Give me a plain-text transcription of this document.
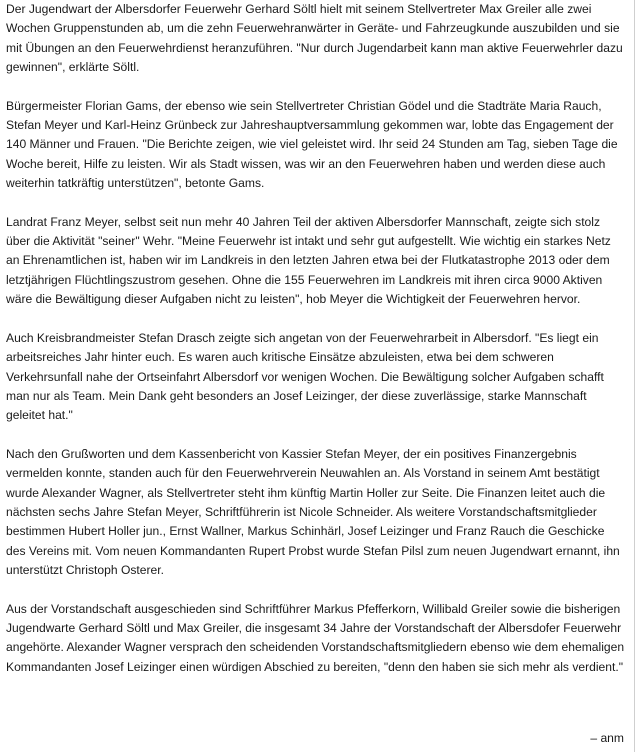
Der Jugendwart der Albersdorfer Feuerwehr Gerhard Söltl hielt mit seinem Stellvertreter Max Greiler alle zwei Wochen Gruppenstunden ab, um die zehn Feuerwehranwärter in Geräte- und Fahrzeugkunde auszubilden und sie mit Übungen an den Feuerwehrdienst heranzuführen. "Nur durch Jugendarbeit kann man aktive Feuerwehrler dazu gewinnen", erklärte Söltl.

Bürgermeister Florian Gams, der ebenso wie sein Stellvertreter Christian Gödel und die Stadträte Maria Rauch, Stefan Meyer und Karl-Heinz Grünbeck zur Jahreshauptversammlung gekommen war, lobte das Engagement der 140 Männer und Frauen. "Die Berichte zeigen, wie viel geleistet wird. Ihr seid 24 Stunden am Tag, sieben Tage die Woche bereit, Hilfe zu leisten. Wir als Stadt wissen, was wir an den Feuerwehren haben und werden diese auch weiterhin tatkräftig unterstützen", betonte Gams.

Landrat Franz Meyer, selbst seit nun mehr 40 Jahren Teil der aktiven Albersdorfer Mannschaft, zeigte sich stolz über die Aktivität "seiner" Wehr. "Meine Feuerwehr ist intakt und sehr gut aufgestellt. Wie wichtig ein starkes Netz an Ehrenamtlichen ist, haben wir im Landkreis in den letzten Jahren etwa bei der Flutkatastrophe 2013 oder dem letztjährigen Flüchtlingszustrom gesehen. Ohne die 155 Feuerwehren im Landkreis mit ihren circa 9000 Aktiven wäre die Bewältigung dieser Aufgaben nicht zu leisten", hob Meyer die Wichtigkeit der Feuerwehren hervor.

Auch Kreisbrandmeister Stefan Drasch zeigte sich angetan von der Feuerwehrarbeit in Albersdorf. "Es liegt ein arbeitsreiches Jahr hinter euch. Es waren auch kritische Einsätze abzuleisten, etwa bei dem schweren Verkehrsunfall nahe der Ortseinfahrt Albersdorf vor wenigen Wochen. Die Bewältigung solcher Aufgaben schafft man nur als Team. Mein Dank geht besonders an Josef Leizinger, der diese zuverlässige, starke Mannschaft geleitet hat."

Nach den Grußworten und dem Kassenbericht von Kassier Stefan Meyer, der ein positives Finanzergebnis vermelden konnte, standen auch für den Feuerwehrverein Neuwahlen an. Als Vorstand in seinem Amt bestätigt wurde Alexander Wagner, als Stellvertreter steht ihm künftig Martin Holler zur Seite. Die Finanzen leitet auch die nächsten sechs Jahre Stefan Meyer, Schriftführerin ist Nicole Schneider. Als weitere Vorstandschaftsmitglieder bestimmen Hubert Holler jun., Ernst Wallner, Markus Schinhärl, Josef Leizinger und Franz Rauch die Geschicke des Vereins mit. Vom neuen Kommandanten Rupert Probst wurde Stefan Pilsl zum neuen Jugendwart ernannt, ihn unterstützt Christoph Osterer.

Aus der Vorstandschaft ausgeschieden sind Schriftführer Markus Pfefferkorn, Willibald Greiler sowie die bisherigen Jugendwarte Gerhard Söltl und Max Greiler, die insgesamt 34 Jahre der Vorstandschaft der Albersdofer Feuerwehr angehörte. Alexander Wagner versprach den scheidenden Vorstandschaftsmitgliedern ebenso wie dem ehemaligen Kommandanten Josef Leizinger einen würdigen Abschied zu bereiten, "denn den haben sie sich mehr als verdient."

– anm
